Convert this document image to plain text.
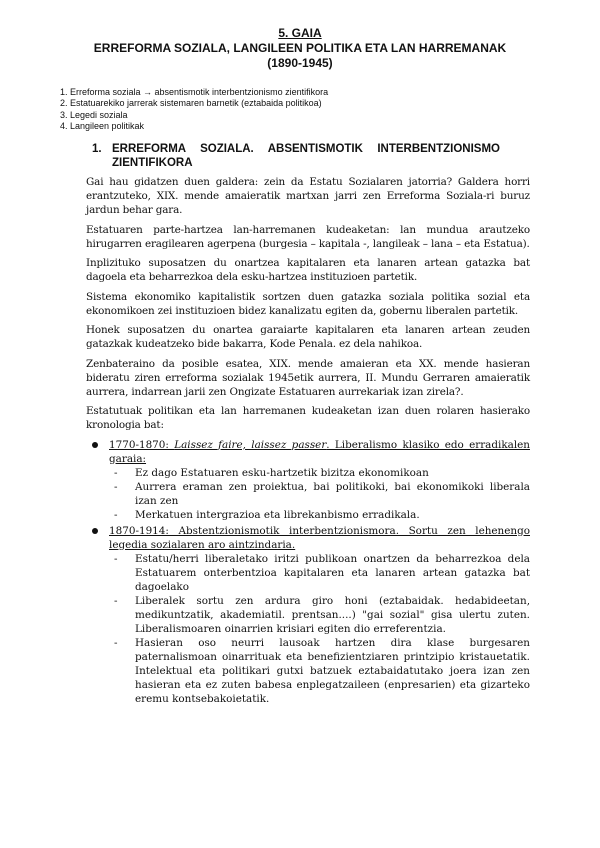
5. GAIA
ERREFORMA SOZIALA, LANGILEEN POLITIKA ETA LAN HARREMANAK
(1890-1945)
1. Erreforma soziala → absentismotik interbentzionismo zientifikora
2. Estatuarekiko jarrerak sistemaren barnetik (eztabaida politikoa)
3. Legedi soziala
4. Langileen politikak
1. ERREFORMA SOZIALA. ABSENTISMOTIK INTERBENTZIONISMO
ZIENTIFIKORA

Gai hau gidatzen duen galdera: zein da Estatu Sozialaren jatorria? Galdera horri erantzuteko, XIX. mende amaieratik martxan jarri zen Erreforma Soziala-ri buruz jardun behar gara.

Estatuaren parte-hartzea lan-harremanen kudeaketan: lan mundua arautzeko hirugarren eragilearen agerpena (burgesia – kapitala -, langileak – lana – eta Estatua).

Inplizituko suposatzen du onartzea kapitalaren eta lanaren artean gatazka bat dagoela eta beharrezkoa dela esku-hartzea instituzioen partetik.

Sistema ekonomiko kapitalistik sortzen duen gatazka soziala politika sozial eta ekonomikoen zei instituzioen bidez kanalizatu egiten da, gobernu liberalen partetik.

Honek suposatzen du onartea garaiarte kapitalaren eta lanaren artean zeuden gatazkak kudeatzeko bide bakarra, Kode Penala. ez dela nahikoa.

Zenbateraino da posible esatea, XIX. mende amaieran eta XX. mende hasieran bideratu ziren erreforma sozialak 1945etik aurrera, II. Mundu Gerraren amaieratik aurrera, indarrean jarii zen Ongizate Estatuaren aurrekariak izan zirela?.

Estatutuak politikan eta lan harremanen kudeaketan izan duen rolaren hasierako kronologia bat:

1770-1870: Laissez faire, laissez passer. Liberalismo klasiko edo erradikalen garaia:
- Ez dago Estatuaren esku-hartzetik bizitza ekonomikoan
- Aurrera eraman zen proiektua, bai politikoki, bai ekonomikoki liberala izan zen
- Merkatuen intergrazioa eta librekanbismo erradikala.
1870-1914: Abstentzionismotik interbentzionismora. Sortu zen lehenengo legedia sozialaren aro aintzindaria.
- Estatu/herri liberaletako iritzi publikoan onartzen da beharrezkoa dela Estatuarem onterbentzioa kapitalaren eta lanaren artean gatazka bat dagoelako
- Liberalek sortu zen ardura giro honi (eztabaidak. hedabideetan, medikuntzatik, akademiatil. prentsan....) "gai sozial" gisa ulertu zuten. Liberalismoaren oinarrien krisiari egiten dio erreferentzia.
- Hasieran oso neurri lausoak hartzen dira klase burgesaren paternalismoan oinarrituak eta benefizientziaren printzipio kristauetatik. Intelektual eta politikari gutxi batzuek eztabaidatutako joera izan zen hasieran eta ez zuten babesa enplegatzaileen (enpresarien) eta gizarteko eremu kontsebakoietatik.
